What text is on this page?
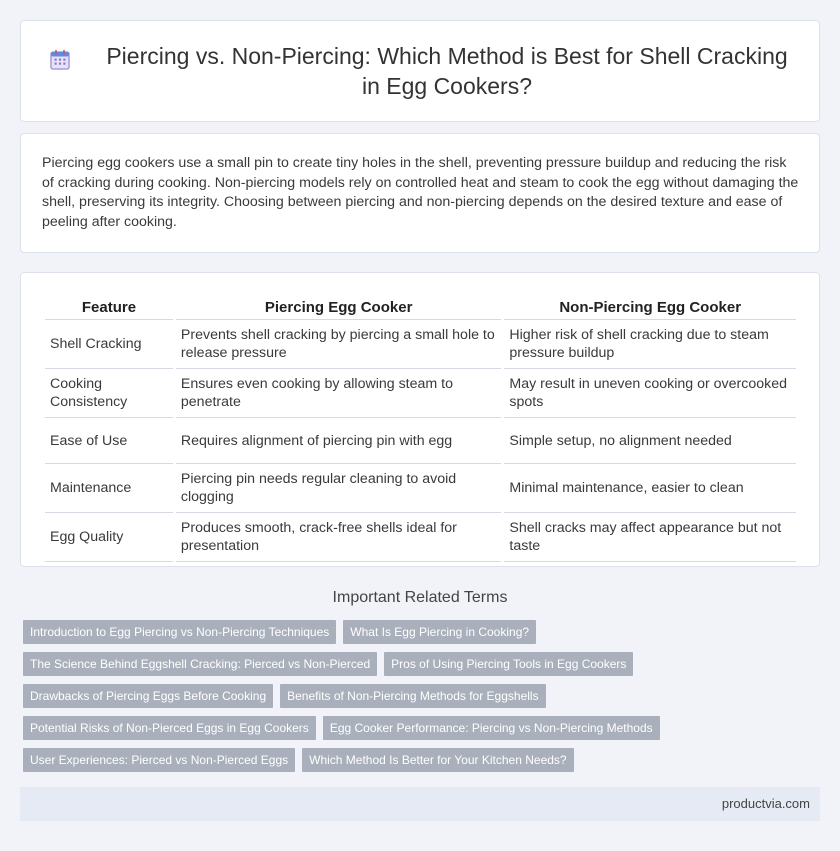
Piercing vs. Non-Piercing: Which Method is Best for Shell Cracking in Egg Cookers?

Piercing egg cookers use a small pin to create tiny holes in the shell, preventing pressure buildup and reducing the risk of cracking during cooking. Non-piercing models rely on controlled heat and steam to cook the egg without damaging the shell, preserving its integrity. Choosing between piercing and non-piercing depends on the desired texture and ease of peeling after cooking.

Feature	Piercing Egg Cooker	Non-Piercing Egg Cooker
Shell Cracking	Prevents shell cracking by piercing a small hole to release pressure	Higher risk of shell cracking due to steam pressure buildup
Cooking Consistency	Ensures even cooking by allowing steam to penetrate	May result in uneven cooking or overcooked spots
Ease of Use	Requires alignment of piercing pin with egg	Simple setup, no alignment needed
Maintenance	Piercing pin needs regular cleaning to avoid clogging	Minimal maintenance, easier to clean
Egg Quality	Produces smooth, crack-free shells ideal for presentation	Shell cracks may affect appearance but not taste
Important Related Terms
Introduction to Egg Piercing vs Non-Piercing Techniques	What Is Egg Piercing in Cooking?
The Science Behind Eggshell Cracking: Pierced vs Non-Pierced	Pros of Using Piercing Tools in Egg Cookers
Drawbacks of Piercing Eggs Before Cooking	Benefits of Non-Piercing Methods for Eggshells
Potential Risks of Non-Pierced Eggs in Egg Cookers	Egg Cooker Performance: Piercing vs Non-Piercing Methods
User Experiences: Pierced vs Non-Pierced Eggs	Which Method Is Better for Your Kitchen Needs?
productvia.com
